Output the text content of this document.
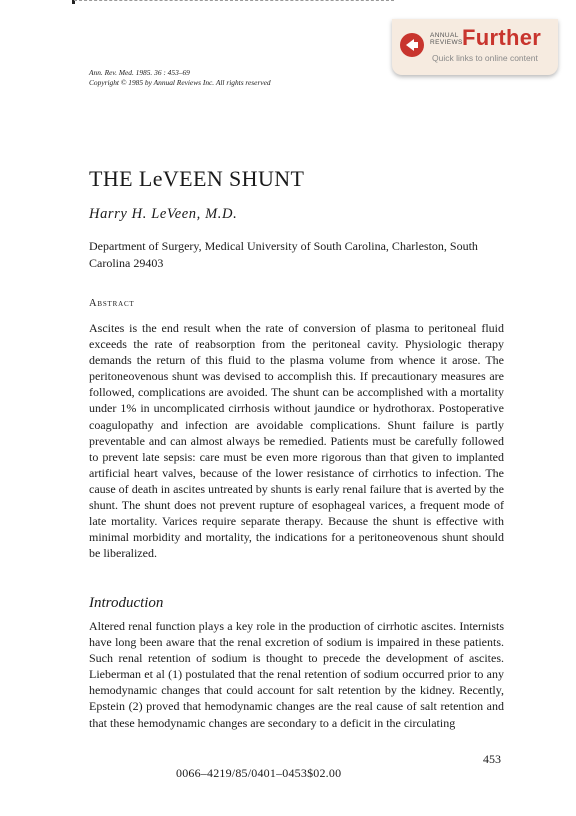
ANNUAL
REVIEWS Further
Quick links to online content
Ann. Rev. Med. 1985. 36 : 453–69
Copyright © 1985 by Annual Reviews Inc. All rights reserved
THE LeVEEN SHUNT
Harry H. LeVeen, M.D.
Department of Surgery, Medical University of South Carolina, Charleston, South Carolina 29403
Abstract
Ascites is the end result when the rate of conversion of plasma to peritoneal fluid exceeds the rate of reabsorption from the peritoneal cavity. Physiologic therapy demands the return of this fluid to the plasma volume from whence it arose. The peritoneovenous shunt was devised to accomplish this. If precautionary measures are followed, complications are avoided. The shunt can be accomplished with a mortality under 1% in uncomplicated cirrhosis without jaundice or hydrothorax. Postoperative coagulopathy and infection are avoidable complications. Shunt failure is partly preventable and can almost always be remedied. Patients must be carefully followed to prevent late sepsis: care must be even more rigorous than that given to implanted artificial heart valves, because of the lower resistance of cirrhotics to infection. The cause of death in ascites untreated by shunts is early renal failure that is averted by the shunt. The shunt does not prevent rupture of esophageal varices, a frequent mode of late mortality. Varices require separate therapy. Because the shunt is effective with minimal morbidity and mortality, the indications for a peritoneovenous shunt should be liberalized.
Introduction
Altered renal function plays a key role in the production of cirrhotic ascites. Internists have long been aware that the renal excretion of sodium is impaired in these patients. Such renal retention of sodium is thought to precede the development of ascites. Lieberman et al (1) postulated that the renal retention of sodium occurred prior to any hemodynamic changes that could account for salt retention by the kidney. Recently, Epstein (2) proved that hemodynamic changes are the real cause of salt retention and that these hemodynamic changes are secondary to a deficit in the circulating
453
0066–4219/85/0401–0453$02.00
